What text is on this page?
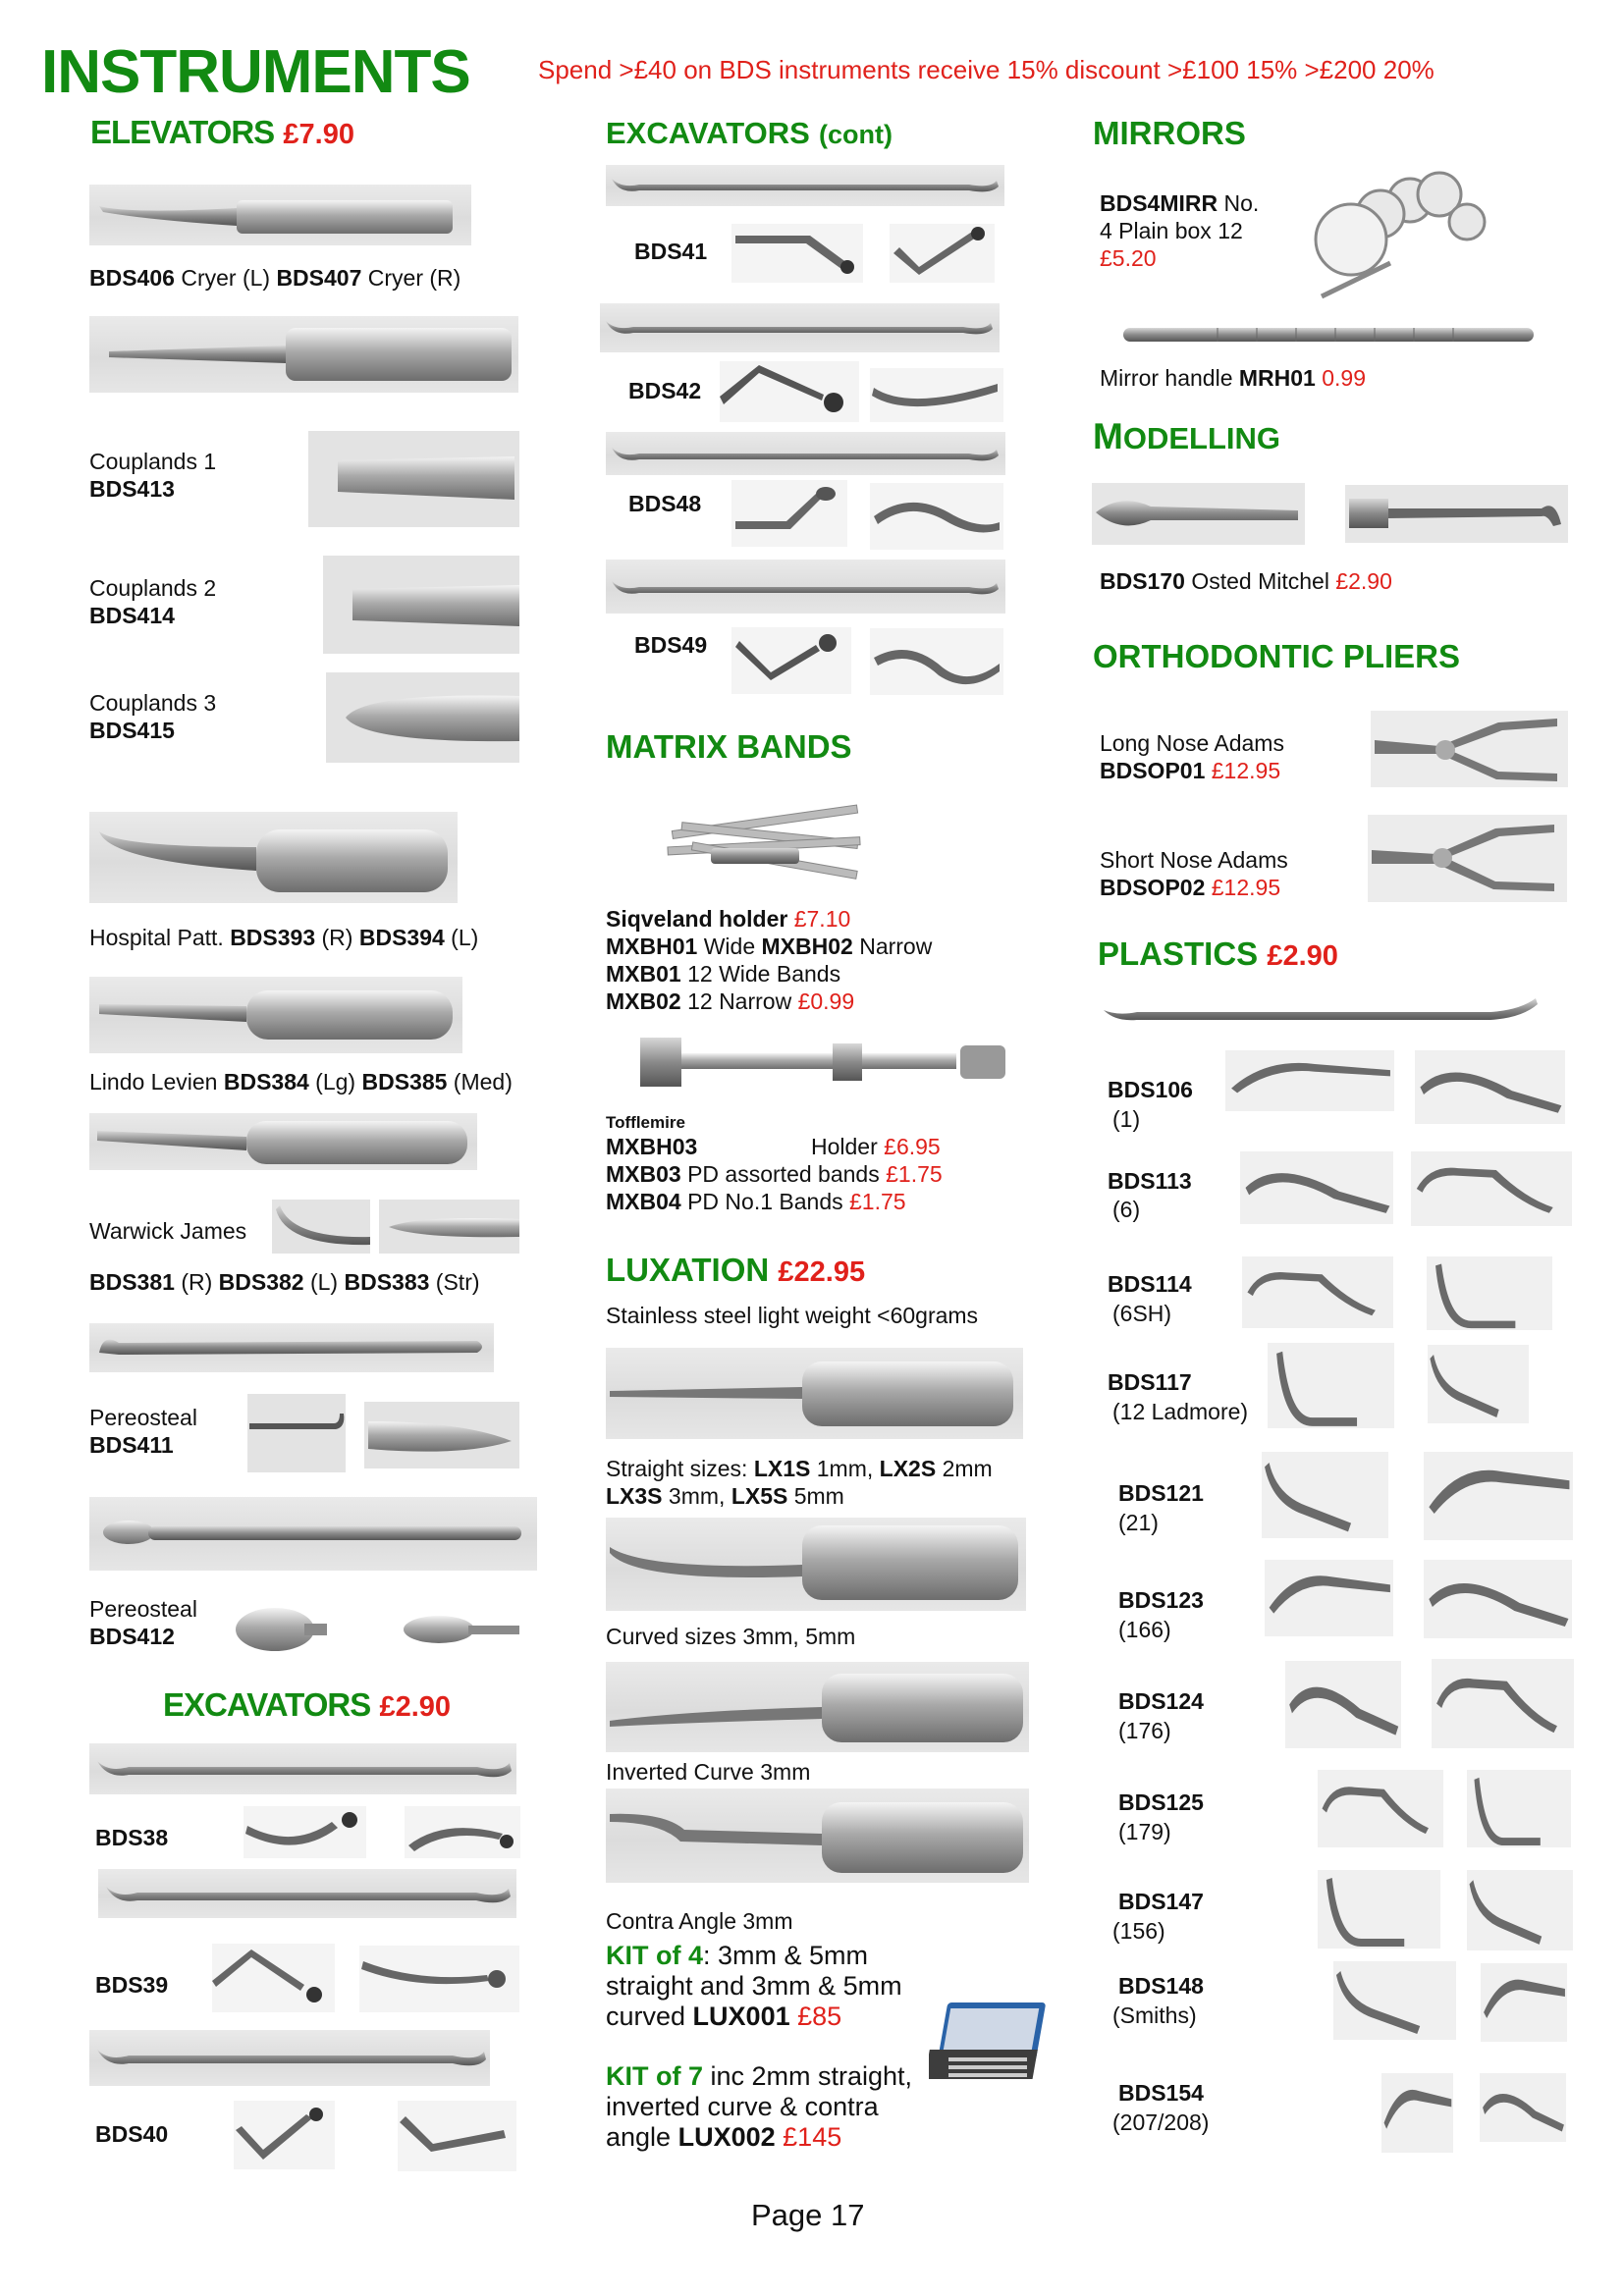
INSTRUMENTS	Spend >£40 on BDS instruments receive 15% discount >£100 15% >£200 20%
ELEVATORS £7.90
BDS406 Cryer (L) BDS407 Cryer (R)
Couplands 1
BDS413
Couplands 2
BDS414
Couplands 3
BDS415
Hospital Patt. BDS393 (R) BDS394 (L)
Lindo Levien BDS384 (Lg) BDS385 (Med)
Warwick James
BDS381 (R) BDS382 (L) BDS383 (Str)
Pereosteal
BDS411
Pereosteal
BDS412
EXCAVATORS £2.90
BDS38
BDS39
BDS40
EXCAVATORS (cont)
BDS41
BDS42
BDS48
BDS49
MATRIX BANDS
Siqveland holder £7.10
MXBH01 Wide MXBH02 Narrow
MXB01 12 Wide Bands
MXB02 12 Narrow £0.99
Tofflemire
MXBH03	Holder £6.95
MXB03 PD assorted bands £1.75
MXB04 PD No.1 Bands £1.75
LUXATION £22.95
Stainless steel light weight <60grams
Straight sizes: LX1S 1mm, LX2S 2mm
LX3S 3mm, LX5S 5mm
Curved sizes 3mm, 5mm
Inverted Curve 3mm
Contra Angle 3mm
KIT of 4: 3mm & 5mm
straight and 3mm & 5mm
curved LUX001 £85
KIT of 7 inc 2mm straight,
inverted curve & contra
angle LUX002 £145
MIRRORS
BDS4MIRR No.
4 Plain box 12
£5.20
Mirror handle MRH01 0.99
MODELLING
BDS170 Osted Mitchel £2.90
ORTHODONTIC PLIERS
Long Nose Adams
BDSOP01 £12.95
Short Nose Adams
BDSOP02 £12.95
PLASTICS £2.90
BDS106
(1)
BDS113
(6)
BDS114
(6SH)
BDS117
(12 Ladmore)
BDS121
(21)
BDS123
(166)
BDS124
(176)
BDS125
(179)
BDS147
(156)
BDS148
(Smiths)
BDS154
(207/208)
Page 17
